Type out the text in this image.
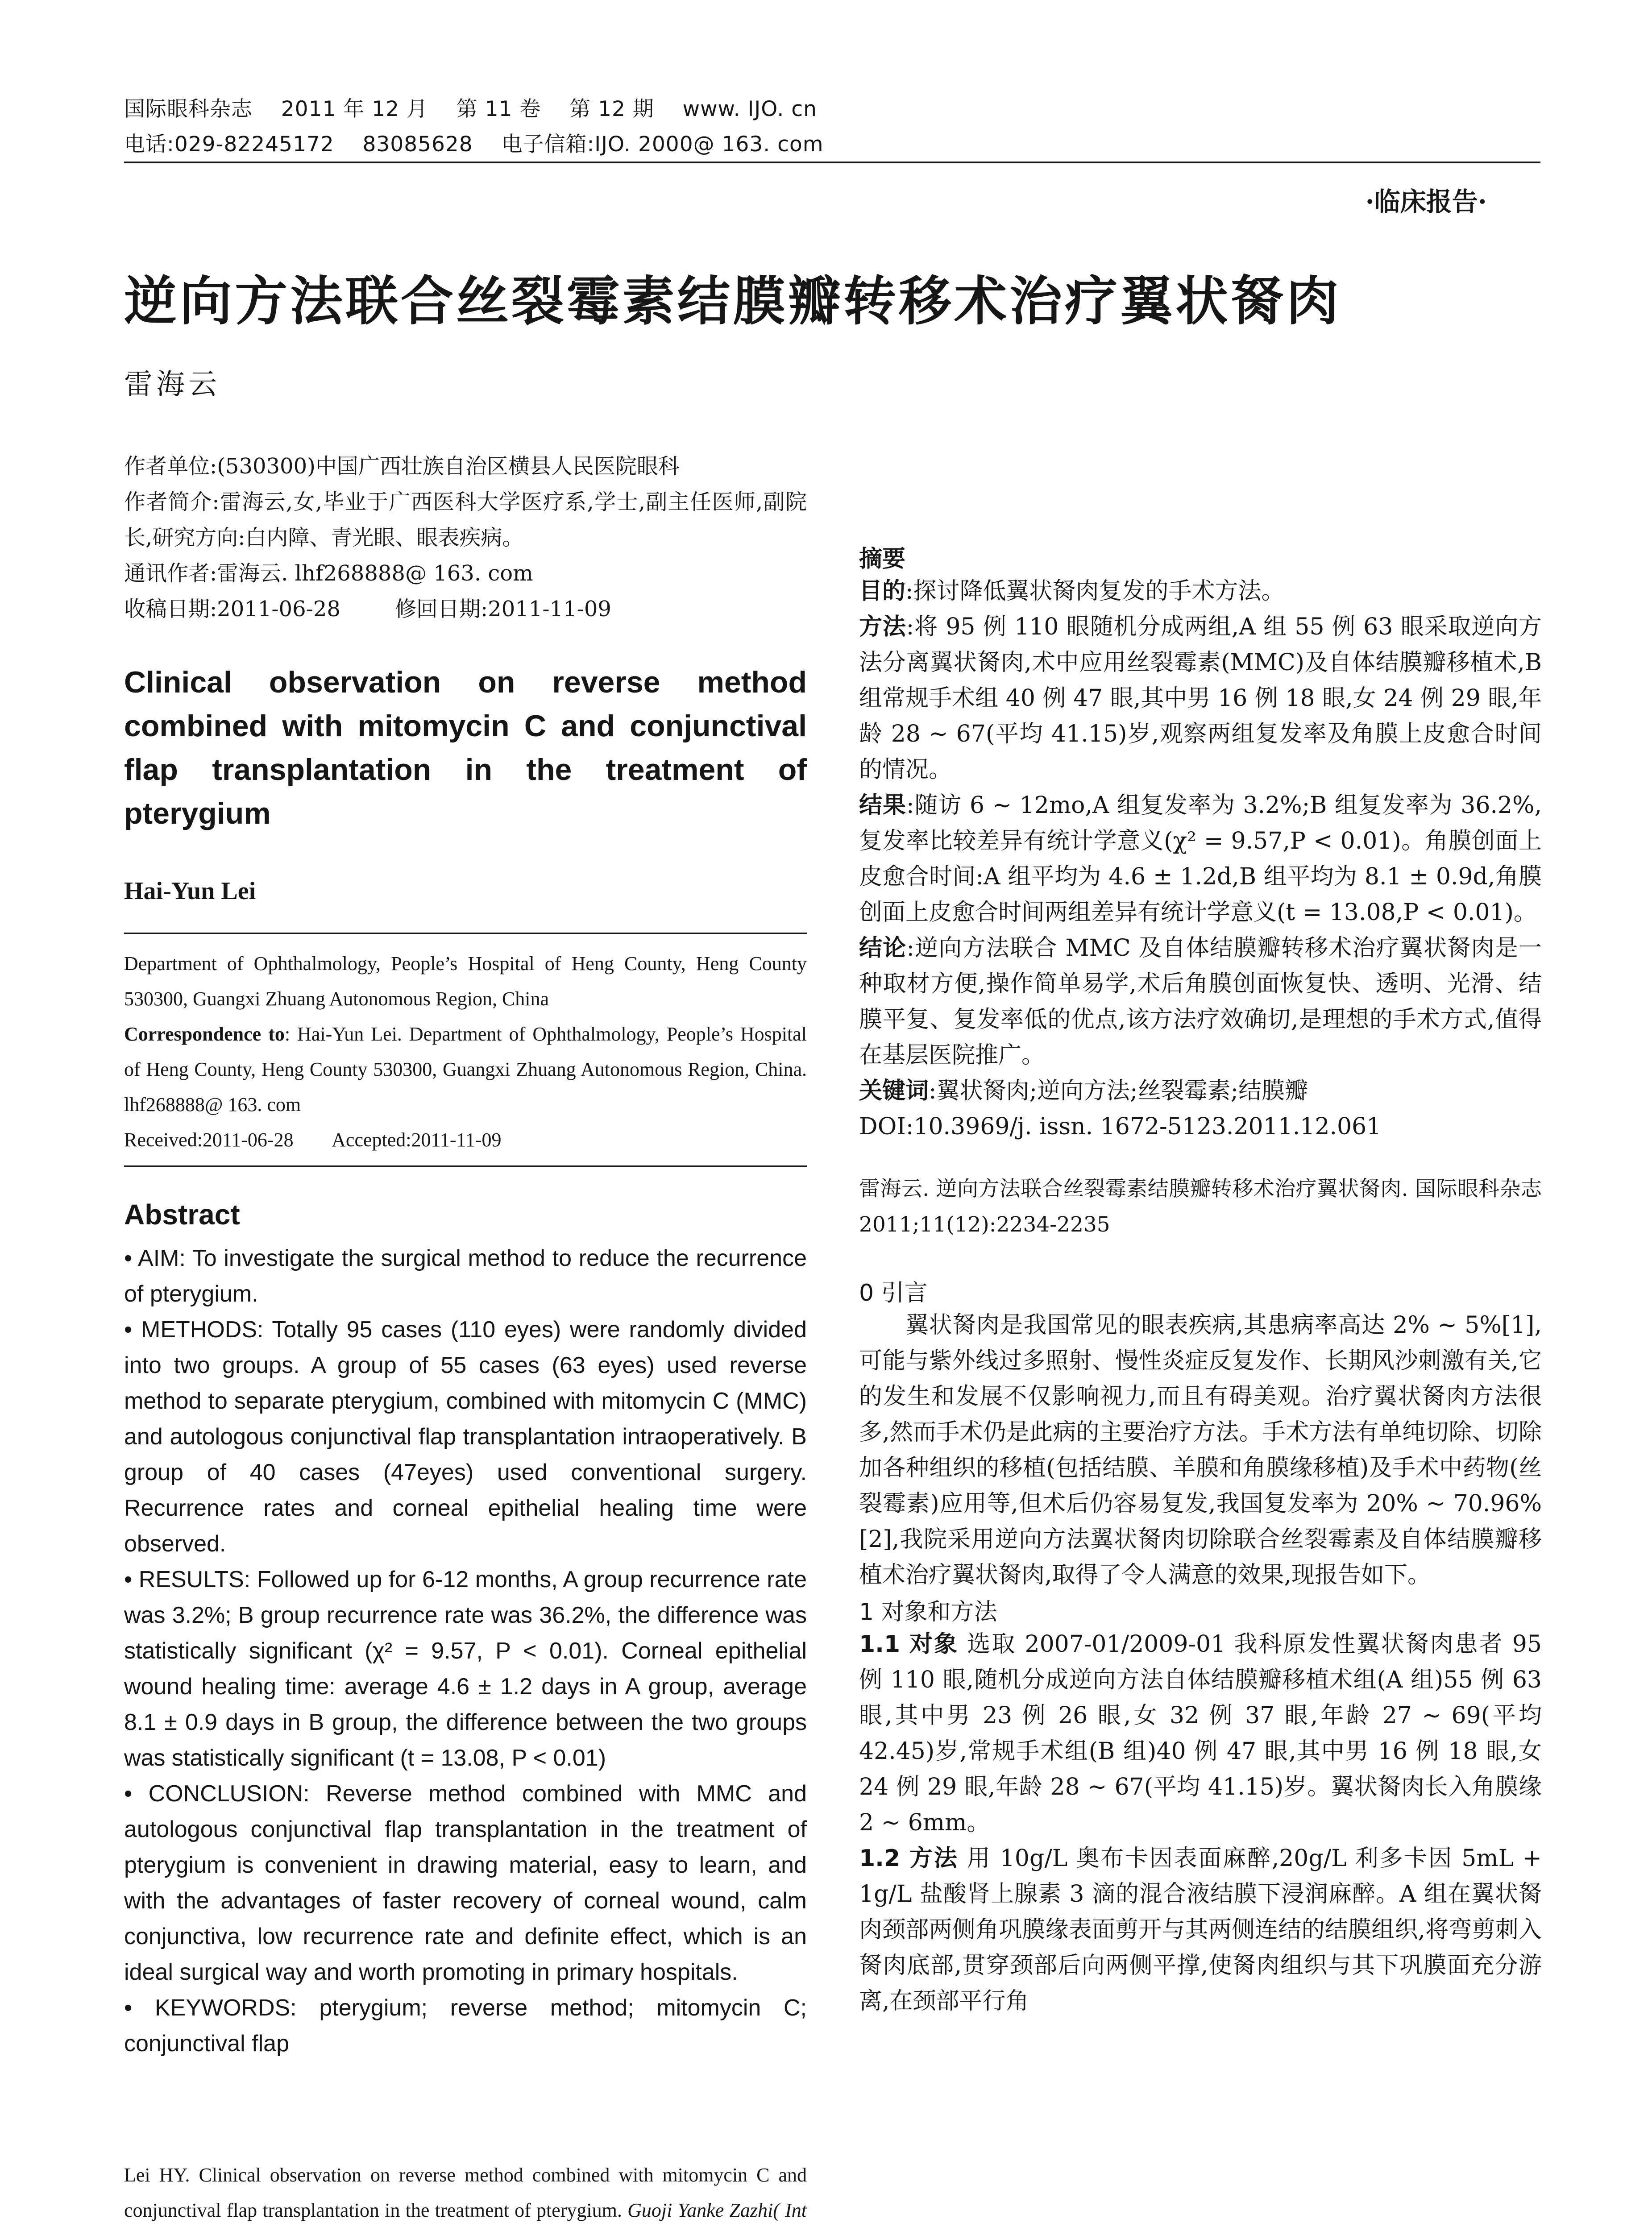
国际眼科杂志    2011 年 12 月    第 11 卷    第 12 期    www. IJO. cn
电话:029-82245172    83085628    电子信箱:IJO. 2000@ 163. com
·临床报告·
逆向方法联合丝裂霉素结膜瓣转移术治疗翼状胬肉
雷海云

作者单位:(530300)中国广西壮族自治区横县人民医院眼科

作者简介:雷海云,女,毕业于广西医科大学医疗系,学士,副主任医师,副院长,研究方向:白内障、青光眼、眼表疾病。

通讯作者:雷海云. lhf268888@ 163. com

收稿日期:2011-06-28        修回日期:2011-11-09

Clinical observation on reverse method combined with mitomycin C and conjunctival flap transplantation in the treatment of pterygium
Hai-Yun Lei

Department of Ophthalmology, People’s Hospital of Heng County, Heng County 530300, Guangxi Zhuang Autonomous Region, China

Correspondence to: Hai-Yun Lei. Department of Ophthalmology, People’s Hospital of Heng County, Heng County 530300, Guangxi Zhuang Autonomous Region, China. lhf268888@ 163. com

Received:2011-06-28        Accepted:2011-11-09

Abstract

• AIM: To investigate the surgical method to reduce the recurrence of pterygium.

• METHODS: Totally 95 cases (110 eyes) were randomly divided into two groups. A group of 55 cases (63 eyes) used reverse method to separate pterygium, combined with mitomycin C (MMC) and autologous conjunctival flap transplantation intraoperatively. B group of 40 cases (47eyes) used conventional surgery. Recurrence rates and corneal epithelial healing time were observed.

• RESULTS: Followed up for 6-12 months, A group recurrence rate was 3.2%; B group recurrence rate was 36.2%, the difference was statistically significant (χ² = 9.57, P < 0.01). Corneal epithelial wound healing time: average 4.6 ± 1.2 days in A group, average 8.1 ± 0.9 days in B group, the difference between the two groups was statistically significant (t = 13.08, P < 0.01)

• CONCLUSION: Reverse method combined with MMC and autologous conjunctival flap transplantation in the treatment of pterygium is convenient in drawing material, easy to learn, and with the advantages of faster recovery of corneal wound, calm conjunctiva, low recurrence rate and definite effect, which is an ideal surgical way and worth promoting in primary hospitals.

• KEYWORDS: pterygium; reverse method; mitomycin C; conjunctival flap

Lei HY. Clinical observation on reverse method combined with mitomycin C and conjunctival flap transplantation in the treatment of pterygium. Guoji Yanke Zazhi( Int
摘要

目的:探讨降低翼状胬肉复发的手术方法。

方法:将 95 例 110 眼随机分成两组,A 组 55 例 63 眼采取逆向方法分离翼状胬肉,术中应用丝裂霉素(MMC)及自体结膜瓣移植术,B 组常规手术组 40 例 47 眼,其中男 16 例 18 眼,女 24 例 29 眼,年龄 28 ~ 67(平均 41.15)岁,观察两组复发率及角膜上皮愈合时间的情况。

结果:随访 6 ~ 12mo,A 组复发率为 3.2%;B 组复发率为 36.2%,复发率比较差异有统计学意义(χ² = 9.57,P < 0.01)。角膜创面上皮愈合时间:A 组平均为 4.6 ± 1.2d,B 组平均为 8.1 ± 0.9d,角膜创面上皮愈合时间两组差异有统计学意义(t = 13.08,P < 0.01)。

结论:逆向方法联合 MMC 及自体结膜瓣转移术治疗翼状胬肉是一种取材方便,操作简单易学,术后角膜创面恢复快、透明、光滑、结膜平复、复发率低的优点,该方法疗效确切,是理想的手术方式,值得在基层医院推广。

关键词:翼状胬肉;逆向方法;丝裂霉素;结膜瓣

DOI:10.3969/j. issn. 1672-5123.2011.12.061

雷海云. 逆向方法联合丝裂霉素结膜瓣转移术治疗翼状胬肉. 国际眼科杂志 2011;11(12):2234-2235

0 引言

翼状胬肉是我国常见的眼表疾病,其患病率高达 2% ~ 5%[1],可能与紫外线过多照射、慢性炎症反复发作、长期风沙刺激有关,它的发生和发展不仅影响视力,而且有碍美观。治疗翼状胬肉方法很多,然而手术仍是此病的主要治疗方法。手术方法有单纯切除、切除加各种组织的移植(包括结膜、羊膜和角膜缘移植)及手术中药物(丝裂霉素)应用等,但术后仍容易复发,我国复发率为 20% ~ 70.96%[2],我院采用逆向方法翼状胬肉切除联合丝裂霉素及自体结膜瓣移植术治疗翼状胬肉,取得了令人满意的效果,现报告如下。

1 对象和方法

1.1 对象 选取 2007-01/2009-01 我科原发性翼状胬肉患者 95 例 110 眼,随机分成逆向方法自体结膜瓣移植术组(A 组)55 例 63 眼,其中男 23 例 26 眼,女 32 例 37 眼,年龄 27 ~ 69(平均 42.45)岁,常规手术组(B 组)40 例 47 眼,其中男 16 例 18 眼,女 24 例 29 眼,年龄 28 ~ 67(平均 41.15)岁。翼状胬肉长入角膜缘 2 ~ 6mm。

1.2 方法 用 10g/L 奥布卡因表面麻醉,20g/L 利多卡因 5mL + 1g/L 盐酸肾上腺素 3 滴的混合液结膜下浸润麻醉。A 组在翼状胬肉颈部两侧角巩膜缘表面剪开与其两侧连结的结膜组织,将弯剪刺入胬肉底部,贯穿颈部后向两侧平撑,使胬肉组织与其下巩膜面充分游离,在颈部平行角
